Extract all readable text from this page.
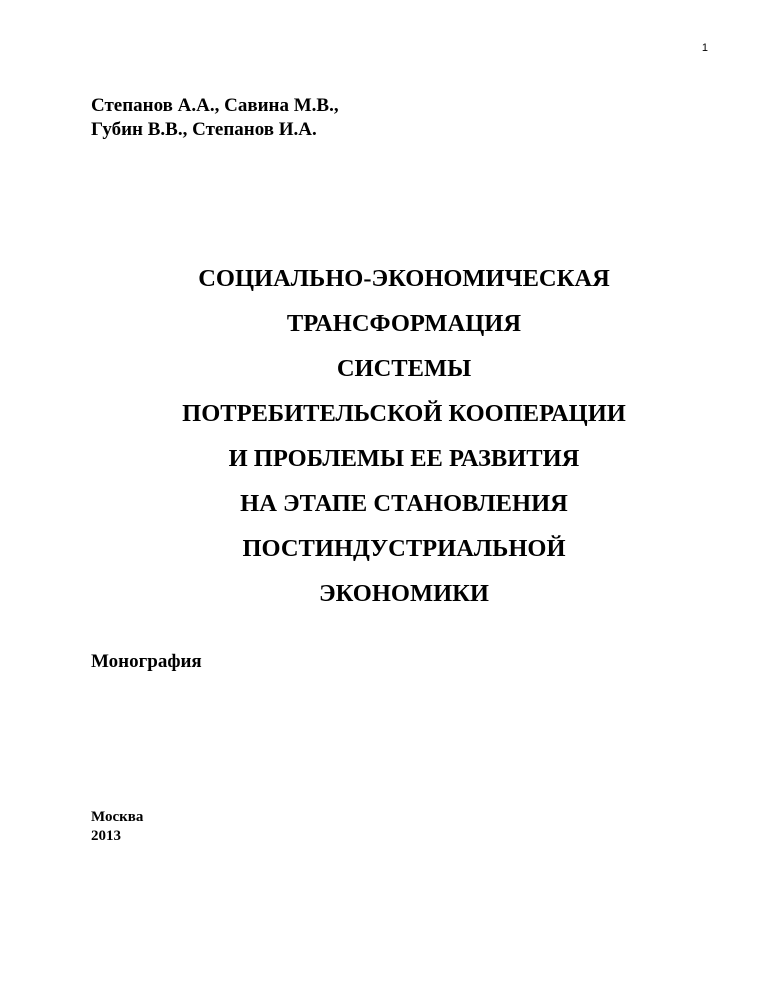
1
Степанов А.А., Савина М.В.,
Губин В.В., Степанов И.А.
СОЦИАЛЬНО-ЭКОНОМИЧЕСКАЯ
ТРАНСФОРМАЦИЯ
СИСТЕМЫ
ПОТРЕБИТЕЛЬСКОЙ КООПЕРАЦИИ
И ПРОБЛЕМЫ ЕЕ РАЗВИТИЯ
НА ЭТАПЕ СТАНОВЛЕНИЯ
ПОСТИНДУСТРИАЛЬНОЙ
ЭКОНОМИКИ
Монография
Москва
2013
